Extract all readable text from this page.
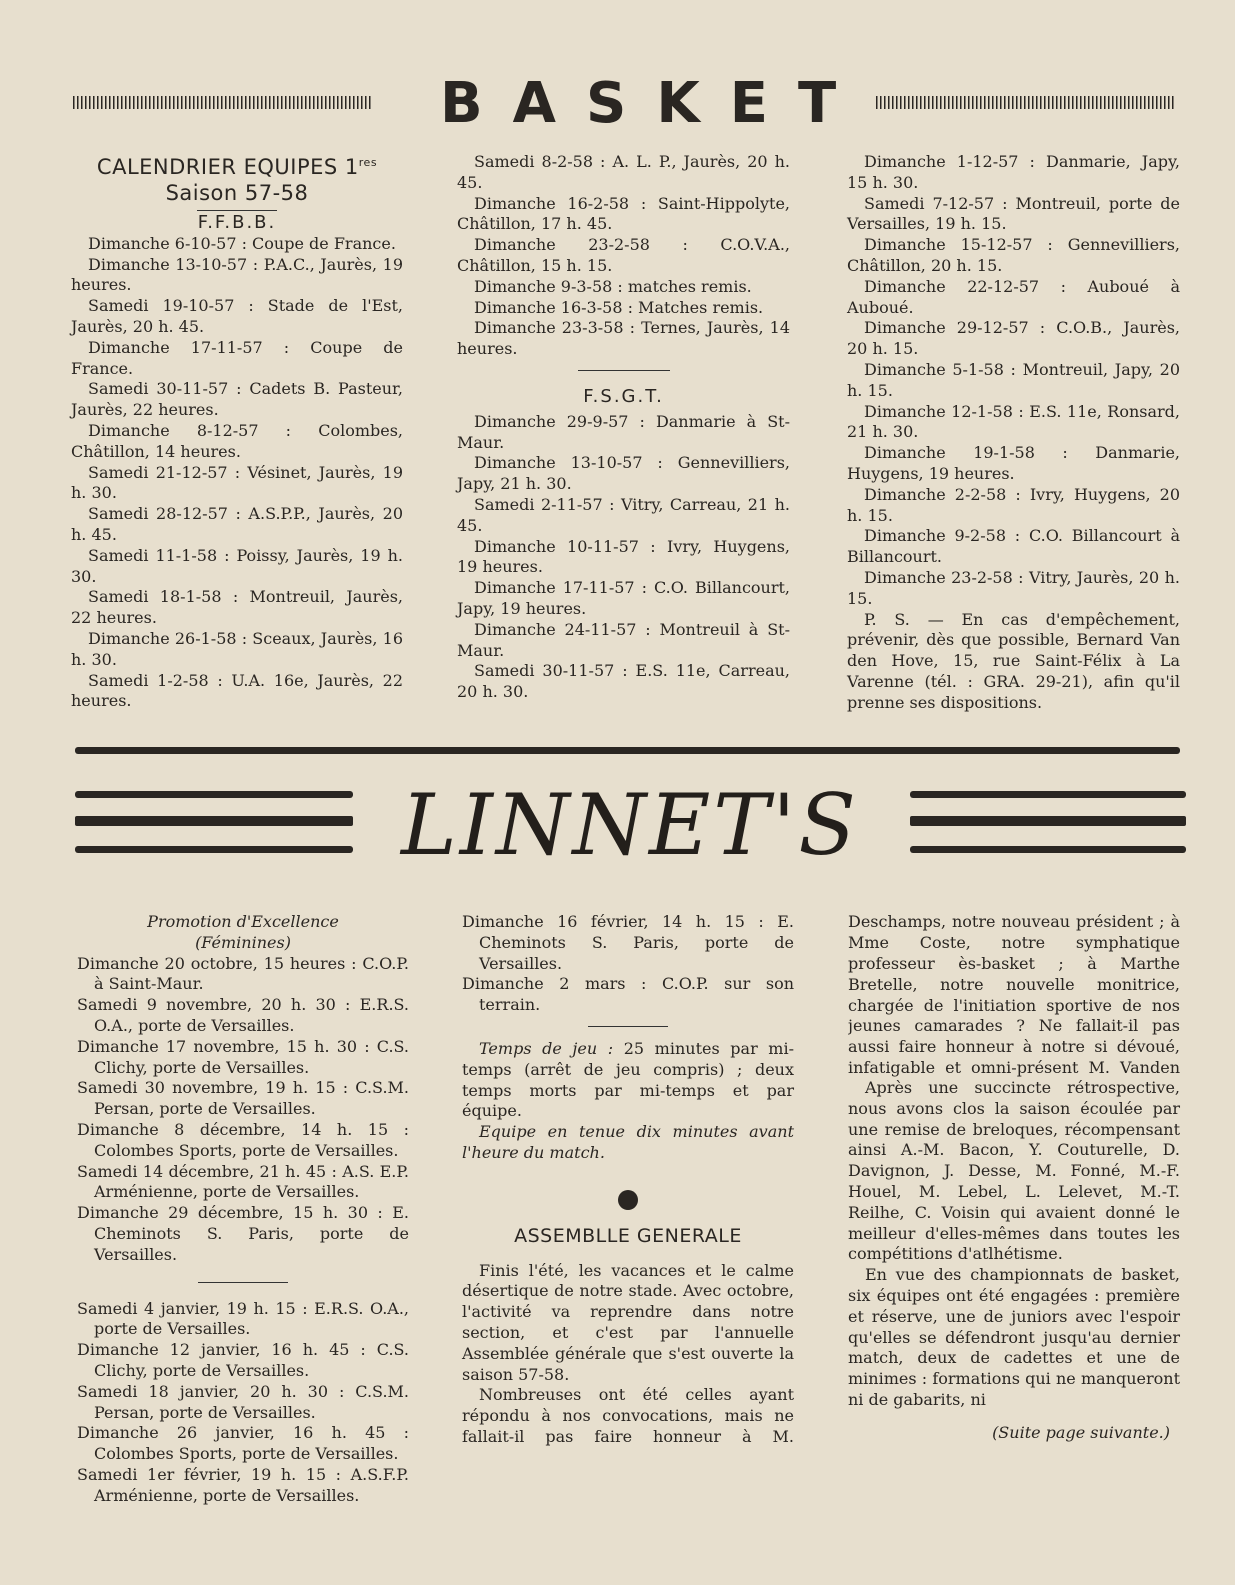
BASKET
CALENDRIER EQUIPES 1res
Saison 57-58
F.F.B.B.

Dimanche 6-10-57 : Coupe de France.

Dimanche 13-10-57 : P.A.C., Jaurès, 19 heures.

Samedi 19-10-57 : Stade de l'Est, Jaurès, 20 h. 45.

Dimanche 17-11-57 : Coupe de France.

Samedi 30-11-57 : Cadets B. Pasteur, Jaurès, 22 heures.

Dimanche 8-12-57 : Colombes, Châtillon, 14 heures.

Samedi 21-12-57 : Vésinet, Jaurès, 19 h. 30.

Samedi 28-12-57 : A.S.P.P., Jaurès, 20 h. 45.

Samedi 11-1-58 : Poissy, Jaurès, 19 h. 30.

Samedi 18-1-58 : Montreuil, Jaurès, 22 heures.

Dimanche 26-1-58 : Sceaux, Jaurès, 16 h. 30.

Samedi 1-2-58 : U.A. 16e, Jaurès, 22 heures.

Samedi 8-2-58 : A. L. P., Jaurès, 20 h. 45.

Dimanche 16-2-58 : Saint-Hippolyte, Châtillon, 17 h. 45.

Dimanche 23-2-58 : C.O.V.A., Châtillon, 15 h. 15.

Dimanche 9-3-58 : matches remis.

Dimanche 16-3-58 : Matches remis.

Dimanche 23-3-58 : Ternes, Jaurès, 14 heures.

F.S.G.T.

Dimanche 29-9-57 : Danmarie à St-Maur.

Dimanche 13-10-57 : Gennevilliers, Japy, 21 h. 30.

Samedi 2-11-57 : Vitry, Carreau, 21 h. 45.

Dimanche 10-11-57 : Ivry, Huygens, 19 heures.

Dimanche 17-11-57 : C.O. Billancourt, Japy, 19 heures.

Dimanche 24-11-57 : Montreuil à St-Maur.

Samedi 30-11-57 : E.S. 11e, Carreau, 20 h. 30.

Dimanche 1-12-57 : Danmarie, Japy, 15 h. 30.

Samedi 7-12-57 : Montreuil, porte de Versailles, 19 h. 15.

Dimanche 15-12-57 : Gennevilliers, Châtillon, 20 h. 15.

Dimanche 22-12-57 : Auboué à Auboué.

Dimanche 29-12-57 : C.O.B., Jaurès, 20 h. 15.

Dimanche 5-1-58 : Montreuil, Japy, 20 h. 15.

Dimanche 12-1-58 : E.S. 11e, Ronsard, 21 h. 30.

Dimanche 19-1-58 : Danmarie, Huygens, 19 heures.

Dimanche 2-2-58 : Ivry, Huygens, 20 h. 15.

Dimanche 9-2-58 : C.O. Billancourt à Billancourt.

Dimanche 23-2-58 : Vitry, Jaurès, 20 h. 15.

P. S. — En cas d'empêchement, prévenir, dès que possible, Bernard Van den Hove, 15, rue Saint-Félix à La Varenne (tél. : GRA. 29-21), afin qu'il prenne ses dispositions.

LINNET'S
Promotion d'Excellence
(Féminines)

Dimanche 20 octobre, 15 heures : C.O.P. à Saint-Maur.

Samedi 9 novembre, 20 h. 30 : E.R.S. O.A., porte de Versailles.

Dimanche 17 novembre, 15 h. 30 : C.S. Clichy, porte de Versailles.

Samedi 30 novembre, 19 h. 15 : C.S.M. Persan, porte de Versailles.

Dimanche 8 décembre, 14 h. 15 : Colombes Sports, porte de Versailles.

Samedi 14 décembre, 21 h. 45 : A.S. E.P. Arménienne, porte de Versailles.

Dimanche 29 décembre, 15 h. 30 : E. Cheminots S. Paris, porte de Versailles.

Samedi 4 janvier, 19 h. 15 : E.R.S. O.A., porte de Versailles.

Dimanche 12 janvier, 16 h. 45 : C.S. Clichy, porte de Versailles.

Samedi 18 janvier, 20 h. 30 : C.S.M. Persan, porte de Versailles.

Dimanche 26 janvier, 16 h. 45 : Colombes Sports, porte de Versailles.

Samedi 1er février, 19 h. 15 : A.S.F.P. Arménienne, porte de Versailles.

Dimanche 16 février, 14 h. 15 : E. Cheminots S. Paris, porte de Versailles.

Dimanche 2 mars : C.O.P. sur son terrain.

Temps de jeu : 25 minutes par mi-temps (arrêt de jeu compris) ; deux temps morts par mi-temps et par équipe.

Equipe en tenue dix minutes avant l'heure du match.

ASSEMBLLE GENERALE

Finis l'été, les vacances et le calme désertique de notre stade. Avec octobre, l'activité va reprendre dans notre section, et c'est par l'annuelle Assemblée générale que s'est ouverte la saison 57-58.

Nombreuses ont été celles ayant répondu à nos convocations, mais ne fallait-il pas faire honneur à M.

Deschamps, notre nouveau président ; à Mme Coste, notre symphatique professeur ès-basket ; à Marthe Bretelle, notre nouvelle monitrice, chargée de l'initiation sportive de nos jeunes camarades ? Ne fallait-il pas aussi faire honneur à notre si dévoué, infatigable et omni-présent M. Vanden

Après une succincte rétrospective, nous avons clos la saison écoulée par une remise de breloques, récompensant ainsi A.-M. Bacon, Y. Couturelle, D. Davignon, J. Desse, M. Fonné, M.-F. Houel, M. Lebel, L. Lelevet, M.-T. Reilhe, C. Voisin qui avaient donné le meilleur d'elles-mêmes dans toutes les compétitions d'atlhétisme.

En vue des championnats de basket, six équipes ont été engagées : première et réserve, une de juniors avec l'espoir qu'elles se défendront jusqu'au dernier match, deux de cadettes et une de minimes : formations qui ne manqueront ni de gabarits, ni

(Suite page suivante.)
